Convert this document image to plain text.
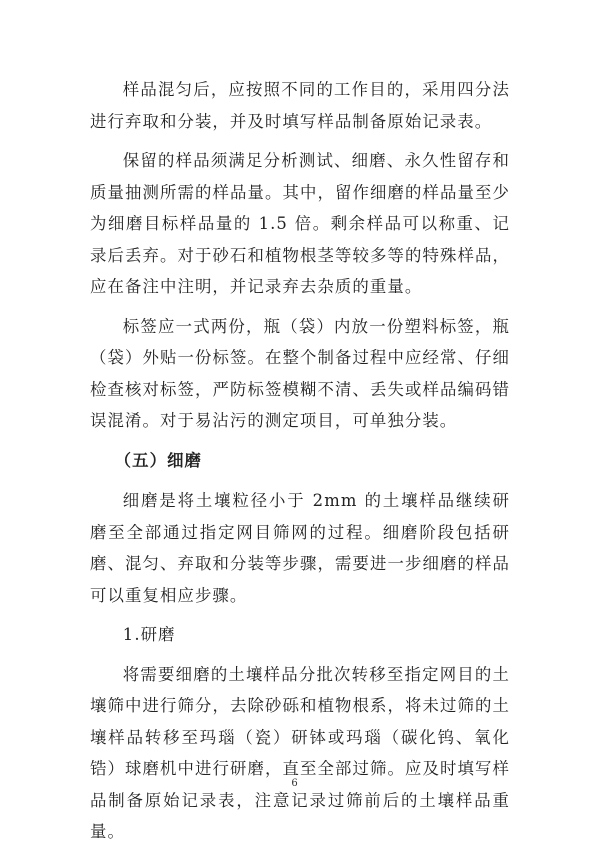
样品混匀后，应按照不同的工作目的，采用四分法进行弃取和分装，并及时填写样品制备原始记录表。

保留的样品须满足分析测试、细磨、永久性留存和质量抽测所需的样品量。其中，留作细磨的样品量至少为细磨目标样品量的 1.5 倍。剩余样品可以称重、记录后丢弃。对于砂石和植物根茎等较多等的特殊样品，应在备注中注明，并记录弃去杂质的重量。

标签应一式两份，瓶（袋）内放一份塑料标签，瓶（袋）外贴一份标签。在整个制备过程中应经常、仔细检查核对标签，严防标签模糊不清、丢失或样品编码错误混淆。对于易沾污的测定项目，可单独分装。

（五）细磨

细磨是将土壤粒径小于 2mm 的土壤样品继续研磨至全部通过指定网目筛网的过程。细磨阶段包括研磨、混匀、弃取和分装等步骤，需要进一步细磨的样品可以重复相应步骤。

1.研磨

将需要细磨的土壤样品分批次转移至指定网目的土壤筛中进行筛分，去除砂砾和植物根系，将未过筛的土壤样品转移至玛瑙（瓷）研钵或玛瑙（碳化钨、氧化锆）球磨机中进行研磨，直至全部过筛。应及时填写样品制备原始记录表，注意记录过筛前后的土壤样品重量。

6
